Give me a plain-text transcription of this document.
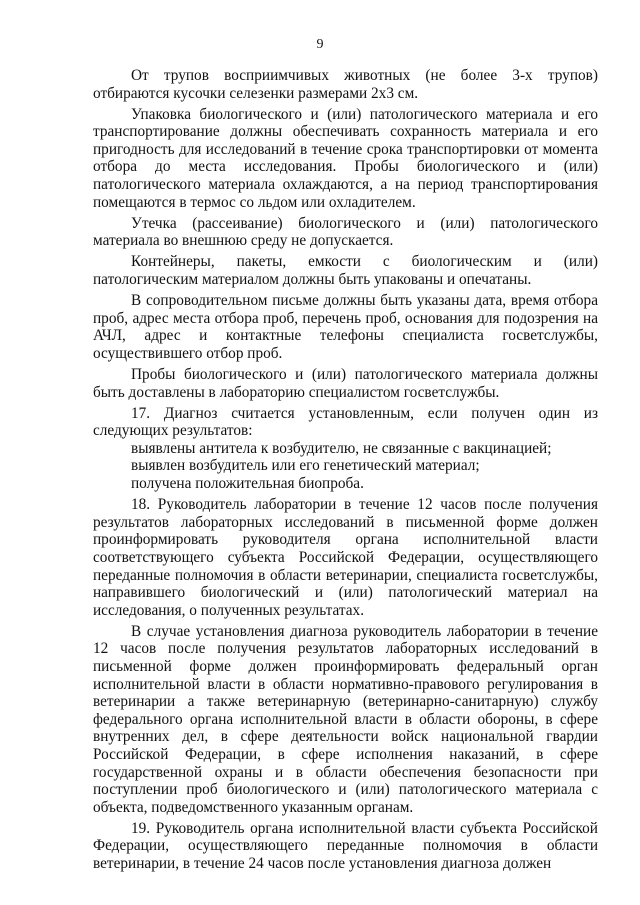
9

От трупов восприимчивых животных (не более 3-х трупов) отбираются кусочки селезенки размерами 2х3 см.

Упаковка биологического и (или) патологического материала и его транспортирование должны обеспечивать сохранность материала и его пригодность для исследований в течение срока транспортировки от момента отбора до места исследования. Пробы биологического и (или) патологического материала охлаждаются, а на период транспортирования помещаются в термос со льдом или охладителем.

Утечка (рассеивание) биологического и (или) патологического материала во внешнюю среду не допускается.

Контейнеры, пакеты, емкости с биологическим и (или) патологическим материалом должны быть упакованы и опечатаны.

В сопроводительном письме должны быть указаны дата, время отбора проб, адрес места отбора проб, перечень проб, основания для подозрения на АЧЛ, адрес и контактные телефоны специалиста госветслужбы, осуществившего отбор проб.

Пробы биологического и (или) патологического материала должны быть доставлены в лабораторию специалистом госветслужбы.

17. Диагноз считается установленным, если получен один из следующих результатов:

выявлены антитела к возбудителю, не связанные с вакцинацией;

выявлен возбудитель или его генетический материал;

получена положительная биопроба.

18. Руководитель лаборатории в течение 12 часов после получения результатов лабораторных исследований в письменной форме должен проинформировать руководителя органа исполнительной власти соответствующего субъекта Российской Федерации, осуществляющего переданные полномочия в области ветеринарии, специалиста госветслужбы, направившего биологический и (или) патологический материал на исследования, о полученных результатах.

В случае установления диагноза руководитель лаборатории в течение 12 часов после получения результатов лабораторных исследований в письменной форме должен проинформировать федеральный орган исполнительной власти в области нормативно-правового регулирования в ветеринарии а также ветеринарную (ветеринарно-санитарную) службу федерального органа исполнительной власти в области обороны, в сфере внутренних дел, в сфере деятельности войск национальной гвардии Российской Федерации, в сфере исполнения наказаний, в сфере государственной охраны и в области обеспечения безопасности при поступлении проб биологического и (или) патологического материала с объекта, подведомственного указанным органам.

19. Руководитель органа исполнительной власти субъекта Российской Федерации, осуществляющего переданные полномочия в области ветеринарии, в течение 24 часов после установления диагноза должен
